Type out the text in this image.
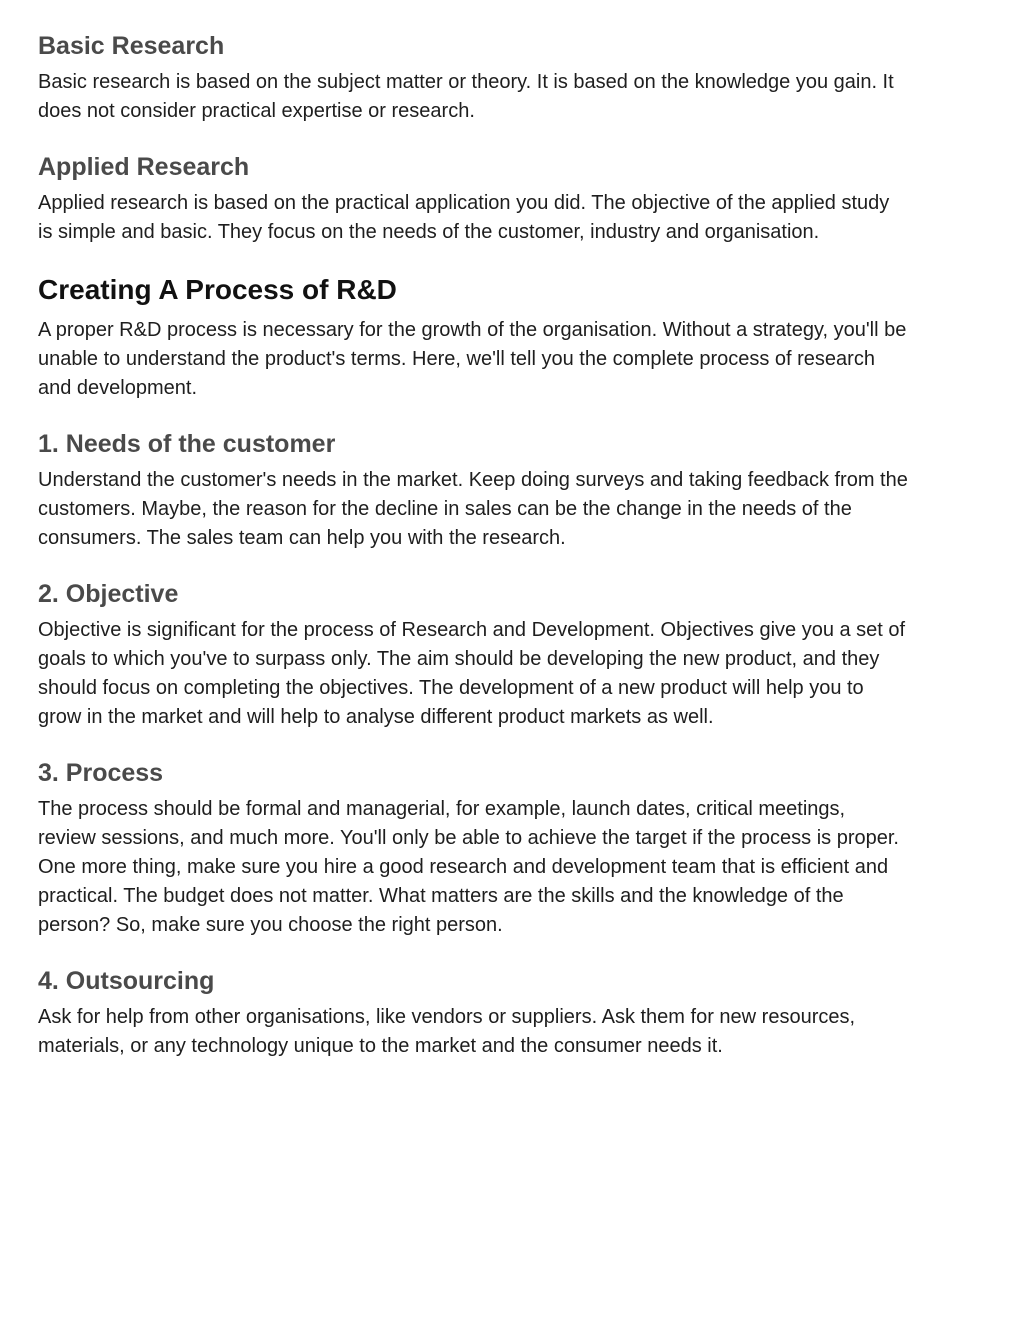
Basic Research

Basic research is based on the subject matter or theory. It is based on the knowledge you gain. It does not consider practical expertise or research.

Applied Research

Applied research is based on the practical application you did. The objective of the applied study is simple and basic. They focus on the needs of the customer, industry and organisation.

Creating A Process of R&D

A proper R&D process is necessary for the growth of the organisation. Without a strategy, you'll be unable to understand the product's terms. Here, we'll tell you the complete process of research and development.

1. Needs of the customer

Understand the customer's needs in the market. Keep doing surveys and taking feedback from the customers. Maybe, the reason for the decline in sales can be the change in the needs of the consumers. The sales team can help you with the research.

2. Objective

Objective is significant for the process of Research and Development. Objectives give you a set of goals to which you've to surpass only. The aim should be developing the new product, and they should focus on completing the objectives. The development of a new product will help you to grow in the market and will help to analyse different product markets as well.

3. Process

The process should be formal and managerial, for example, launch dates, critical meetings, review sessions, and much more. You'll only be able to achieve the target if the process is proper. One more thing, make sure you hire a good research and development team that is efficient and practical. The budget does not matter. What matters are the skills and the knowledge of the person? So, make sure you choose the right person.

4. Outsourcing

Ask for help from other organisations, like vendors or suppliers. Ask them for new resources, materials, or any technology unique to the market and the consumer needs it.
